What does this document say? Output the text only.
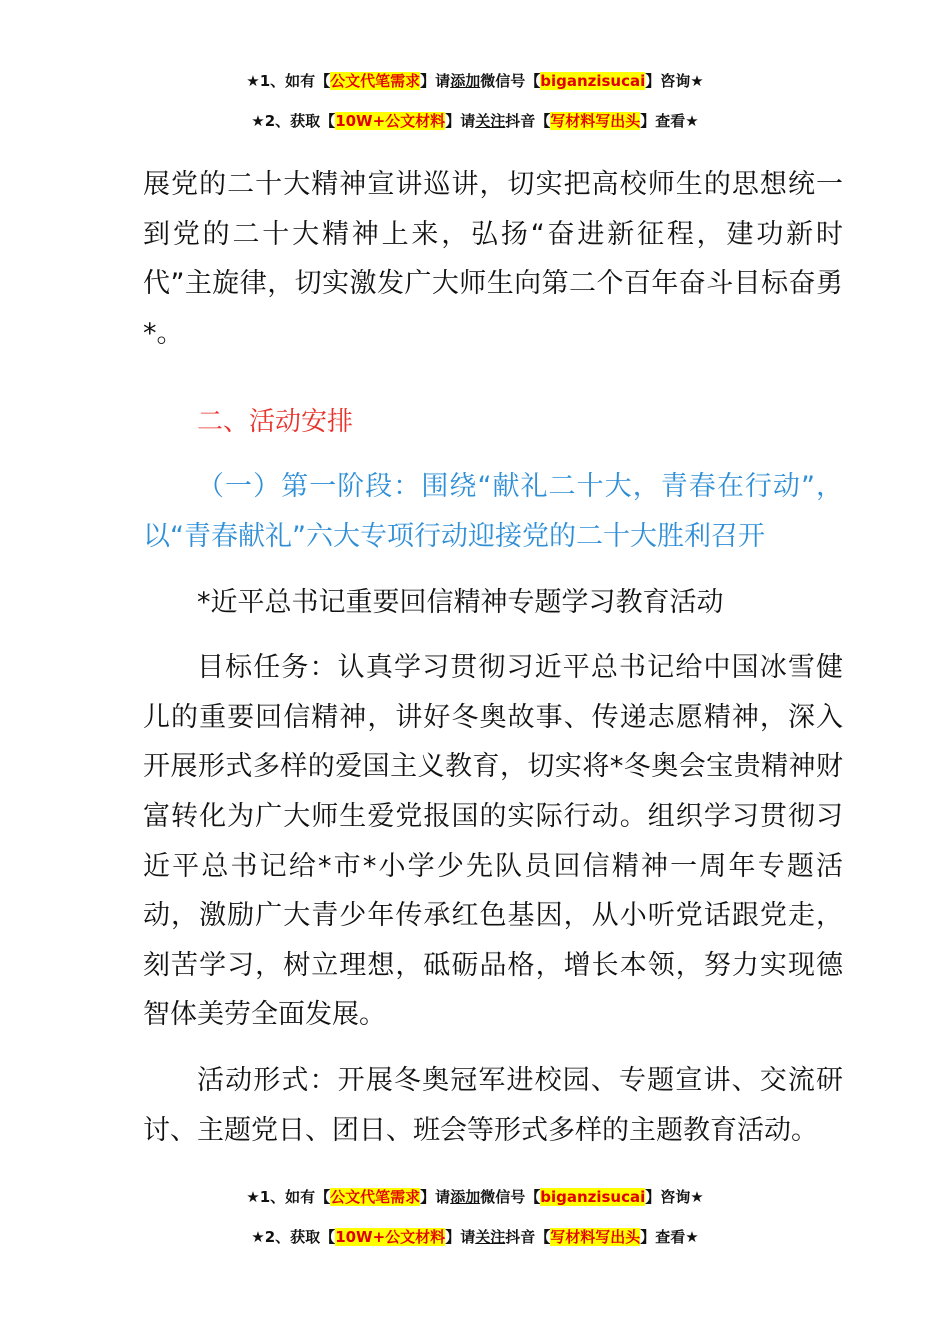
★1、如有【公文代笔需求】请添加微信号【biganzisucai】咨询★
★2、获取【10W+公文材料】请关注抖音【写材料写出头】查看★

展党的二十大精神宣讲巡讲，切实把高校师生的思想统一到党的二十大精神上来，弘扬“奋进新征程，建功新时代”主旋律，切实激发广大师生向第二个百年奋斗目标奋勇*。

二、活动安排

（一）第一阶段：围绕“献礼二十大，青春在行动”，以“青春献礼”六大专项行动迎接党的二十大胜利召开

*近平总书记重要回信精神专题学习教育活动

目标任务：认真学习贯彻习近平总书记给中国冰雪健儿的重要回信精神，讲好冬奥故事、传递志愿精神，深入开展形式多样的爱国主义教育，切实将*冬奥会宝贵精神财富转化为广大师生爱党报国的实际行动。组织学习贯彻习近平总书记给*市*小学少先队员回信精神一周年专题活动，激励广大青少年传承红色基因，从小听党话跟党走，刻苦学习，树立理想，砥砺品格，增长本领，努力实现德智体美劳全面发展。

活动形式：开展冬奥冠军进校园、专题宣讲、交流研讨、主题党日、团日、班会等形式多样的主题教育活动。

★1、如有【公文代笔需求】请添加微信号【biganzisucai】咨询★
★2、获取【10W+公文材料】请关注抖音【写材料写出头】查看★
